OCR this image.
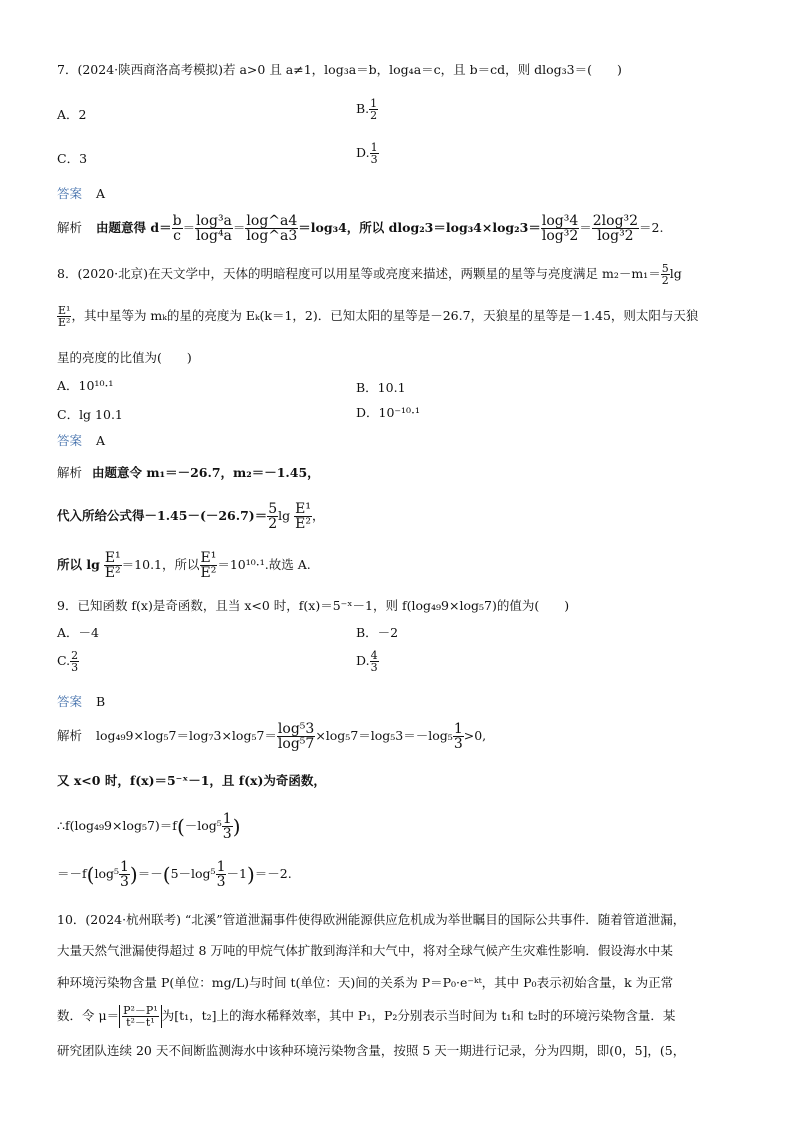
7．(2024·陕西商洛高考模拟)若 a>0 且 a≠1，log₃a＝b，log₄a＝c，且 b＝cd，则 dlog₃3＝(　　)
A．2	B. $\frac{1}{2}$
C．3	D. $\frac{1}{3}$
答案 A
解析 由题意得 $d= \frac{b}{c} = \frac{\text{log³a}}{\text{log⁴a}} = \frac{\log\^{}a4}{\log\^{}a3} =\log_34$，所以 $dlog_23=\log_34\times\log_23= \frac{\text{log³4}}{\text{log³2}} = \frac{\text{2log³2}}{\text{log³2}} =2$.
8．(2020·北京)在天文学中，天体的明暗程度可以用星等或亮度来描述，两颗星的星等与亮度满足 $m_2-m_1= \frac{5}{2}$ lg
$\frac{\text{E¹}}{\text{E²}}$ ，其中星等为 mₖ的星的亮度为 Eₖ(k＝1，2)．已知太阳的星等是－26.7，天狼星的星等是－1.45，则太阳与天狼
星的亮度的比值为(　　)
A．10¹⁰·¹	B．10.1
C．lg 10.1	D．10⁻¹⁰·¹
答案 A
解析 由题意令 m₁＝－26.7，m₂＝－1.45，
代入所给公式得$-1.45-(-26.7)= \frac{5}{2}$ $\lg \frac{\text{E¹}}{\text{E²}}$ ，
所以 $\lg \frac{\text{E¹}}{\text{E²}} =10.1$，所以 $\frac{\text{E¹}}{\text{E²}} =10^{10}\cdot^1$.故选 A.
9．已知函数 f(x)是奇函数，且当 x<0 时，f(x)＝5⁻ˣ－1，则 f(log₄₉9×log₅7)的值为(　　)
A．－4	B．－2
C. $\frac{2}{3}$	D. $\frac{4}{3}$
答案 B
解析 $\log_{49}9\times\log_57=\log_73\times\log_57= \frac{\text{log⁵3}}{\text{log⁵7}} \times\log_57=\log_53=-\log_5 \frac{1}{3} >0$,
又 x<0 时，f(x)＝5⁻ˣ－1，且 f(x)为奇函数，
∴f(log₄₉9×log₅7)＝f(－log⁵ $\frac{1}{3}$ )
$=-f(\log^5 \frac{1}{3} )=-(5-\log^5 \frac{1}{3} -1)=-2$.
10．(2024·杭州联考) “北溪”管道泄漏事件使得欧洲能源供应危机成为举世瞩目的国际公共事件．随着管道泄漏，
大量天然气泄漏使得超过 8 万吨的甲烷气体扩散到海洋和大气中，将对全球气候产生灾难性影响．假设海水中某
种环境污染物含量 P(单位：mg/L)与时间 t(单位：天)间的关系为 P＝P₀·e⁻ᵏᵗ，其中 P₀表示初始含量，k 为正常
数．令 $\mu= \frac{\text{P²－P¹}}{\text{t²－t¹}}$ 为[t₁，t₂]上的海水稀释效率，其中 P₁，P₂分别表示当时间为 t₁和 t₂时的环境污染物含量．某
研究团队连续 20 天不间断监测海水中该种环境污染物含量，按照 5 天一期进行记录，分为四期，即(0，5]，(5，
